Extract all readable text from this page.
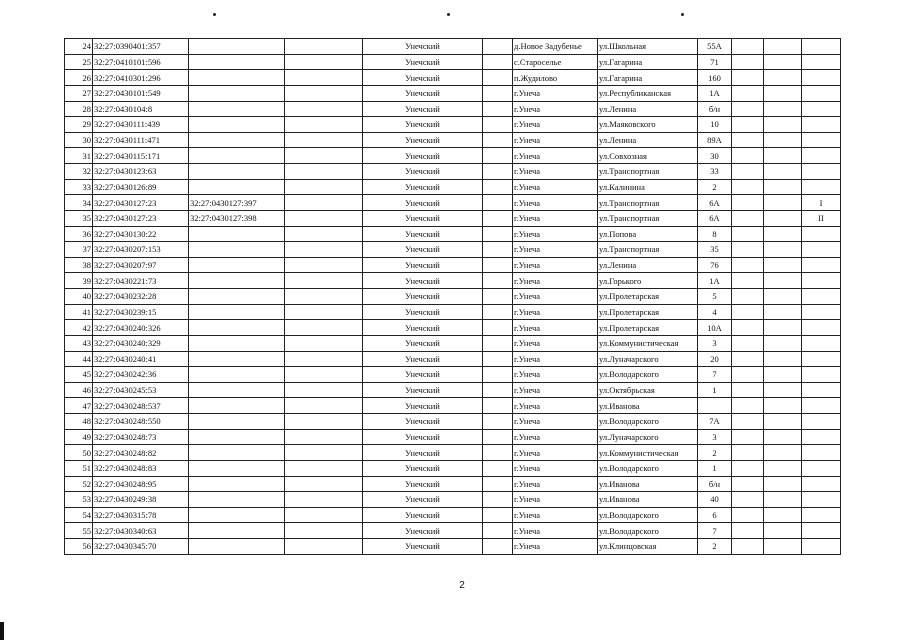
24	32:27:0390401:357			Унечский		д.Новое Задубенье	ул.Школьная	55А			
25	32:27:0410101:596			Унечский		с.Староселье	ул.Гагарина	71			
26	32:27:0410301:296			Унечский		п.Жудилово	ул.Гагарина	160			
27	32:27:0430101:549			Унечский		г.Унеча	ул.Республиканская	1А			
28	32:27:0430104:8			Унечский		г.Унеча	ул.Ленина	б/н			
29	32:27:0430111:439			Унечский		г.Унеча	ул.Маяковского	10			
30	32:27:0430111:471			Унечский		г.Унеча	ул.Ленина	89А			
31	32:27:0430115:171			Унечский		г.Унеча	ул.Совхозная	30			
32	32:27:0430123:63			Унечский		г.Унеча	ул.Транспортная	33			
33	32:27:0430126:89			Унечский		г.Унеча	ул.Калинина	2			
34	32:27:0430127:23	32:27:0430127:397		Унечский		г.Унеча	ул.Транспортная	6А			I
35	32:27:0430127:23	32:27:0430127:398		Унечский		г.Унеча	ул.Транспортная	6А			II
36	32:27:0430130:22			Унечский		г.Унеча	ул.Попова	8			
37	32:27:0430207:153			Унечский		г.Унеча	ул.Транспортная	35			
38	32:27:0430207:97			Унечский		г.Унеча	ул.Ленина	76			
39	32:27:0430221:73			Унечский		г.Унеча	ул.Горького	1А			
40	32:27:0430232:28			Унечский		г.Унеча	ул.Пролетарская	5			
41	32:27:0430239:15			Унечский		г.Унеча	ул.Пролетарская	4			
42	32:27:0430240:326			Унечский		г.Унеча	ул.Пролетарская	10А			
43	32:27:0430240:329			Унечский		г.Унеча	ул.Коммунистическая	3			
44	32:27:0430240:41			Унечский		г.Унеча	ул.Луначарского	20			
45	32:27:0430242:36			Унечский		г.Унеча	ул.Володарского	7			
46	32:27:0430245:53			Унечский		г.Унеча	ул.Октябрьская	1			
47	32:27:0430248:537			Унечский		г.Унеча	ул.Иванова				
48	32:27:0430248:550			Унечский		г.Унеча	ул.Володарского	7А			
49	32:27:0430248:73			Унечский		г.Унеча	ул.Луначарского	3			
50	32:27:0430248:82			Унечский		г.Унеча	ул.Коммунистическая	2			
51	32:27:0430248:83			Унечский		г.Унеча	ул.Володарского	1			
52	32:27:0430248:95			Унечский		г.Унеча	ул.Иванова	б/н			
53	32:27:0430249:38			Унечский		г.Унеча	ул.Иванова	40			
54	32:27:0430315:78			Унечский		г.Унеча	ул.Володарского	6			
55	32:27:0430340:63			Унечский		г.Унеча	ул.Володарского	7			
56	32:27:0430345:70			Унечский		г.Унеча	ул.Клинцовская	2			
2
